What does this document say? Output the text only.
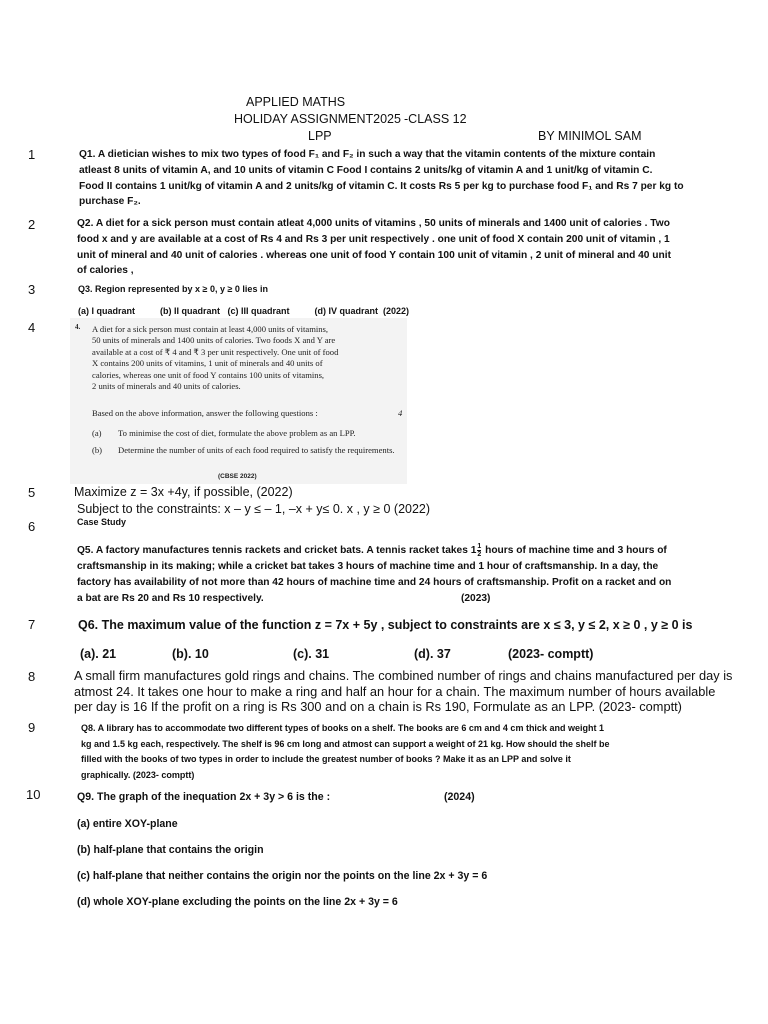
APPLIED MATHS
HOLIDAY ASSIGNMENT2025 -CLASS 12
LPP	BY MINIMOL SAM
1
2
3
4
5
6
7
8
9
10
Q1. A dietician wishes to mix two types of food F₁ and F₂ in such a way that the vitamin contents of the mixture contain
atleast 8 units of vitamin A, and 10 units of vitamin C Food I contains 2 units/kg of vitamin A and 1 unit/kg of vitamin C.
Food II contains 1 unit/kg of vitamin A and 2 units/kg of vitamin C. It costs Rs 5 per kg to purchase food F₁ and Rs 7 per kg to
purchase F₂.
Q2. A diet for a sick person must contain atleat 4,000 units of vitamins , 50 units of minerals and 1400 unit of calories . Two
food x and y are available at a cost of Rs 4 and Rs 3 per unit respectively . one unit of food X contain 200 unit of vitamin , 1
unit of mineral and 40 unit of calories . whereas one unit of food Y contain 100 unit of vitamin , 2 unit of mineral and 40 unit
of calories ,
Q3. Region represented by x ≥ 0, y ≥ 0 lies in
(a) I quadrant          (b) II quadrant   (c) III quadrant          (d) IV quadrant  (2022)
4. A diet for a sick person must contain at least 4,000 units of vitamins,
50 units of minerals and 1400 units of calories. Two foods X and Y are
available at a cost of ₹ 4 and ₹ 3 per unit respectively. One unit of food
X contains 200 units of vitamins, 1 unit of minerals and 40 units of
calories, whereas one unit of food Y contains 100 units of vitamins,
2 units of minerals and 40 units of calories.
Based on the above information, answer the following questions :	4
(a) To minimise the cost of diet, formulate the above problem as an LPP.
(b) Determine the number of units of each food required to satisfy the requirements.
(CBSE 2022)
Maximize z = 3x +4y, if possible, (2022)
Subject to the constraints: x – y ≤ – 1, –x + y≤ 0. x , y ≥ 0 (2022)
Case Study
Q5. A factory manufactures tennis rackets and cricket bats. A tennis racket takes $1 \frac{1}{2}$ hours of machine time and 3 hours of
craftsmanship in its making; while a cricket bat takes 3 hours of machine time and 1 hour of craftsmanship. In a day, the
factory has availability of not more than 42 hours of machine time and 24 hours of craftsmanship. Profit on a racket and on
a bat are Rs 20 and Rs 10 respectively.	(2023)
Q6. The maximum value of the function z = 7x + 5y , subject to constraints are x ≤ 3, y ≤ 2, x ≥ 0 , y ≥ 0 is
(a). 21	(b). 10	(c). 31	(d). 37	(2023- comptt)
A small firm manufactures gold rings and chains. The combined number of rings and chains manufactured per day is
atmost 24. It takes one hour to make a ring and half an hour for a chain. The maximum number of hours available
per day is 16 If the profit on a ring is Rs 300 and on a chain is Rs 190, Formulate as an LPP. (2023- comptt)
Q8. A library has to accommodate two different types of books on a shelf. The books are 6 cm and 4 cm thick and weight 1
kg and 1.5 kg each, respectively. The shelf is 96 cm long and atmost can support a weight of 21 kg. How should the shelf be
filled with the books of two types in order to include the greatest number of books ? Make it as an LPP and solve it
graphically. (2023- comptt)
Q9. The graph of the inequation 2x + 3y > 6 is the :	(2024)
(a) entire XOY-plane
(b) half-plane that contains the origin
(c) half-plane that neither contains the origin nor the points on the line 2x + 3y = 6
(d) whole XOY-plane excluding the points on the line 2x + 3y = 6
